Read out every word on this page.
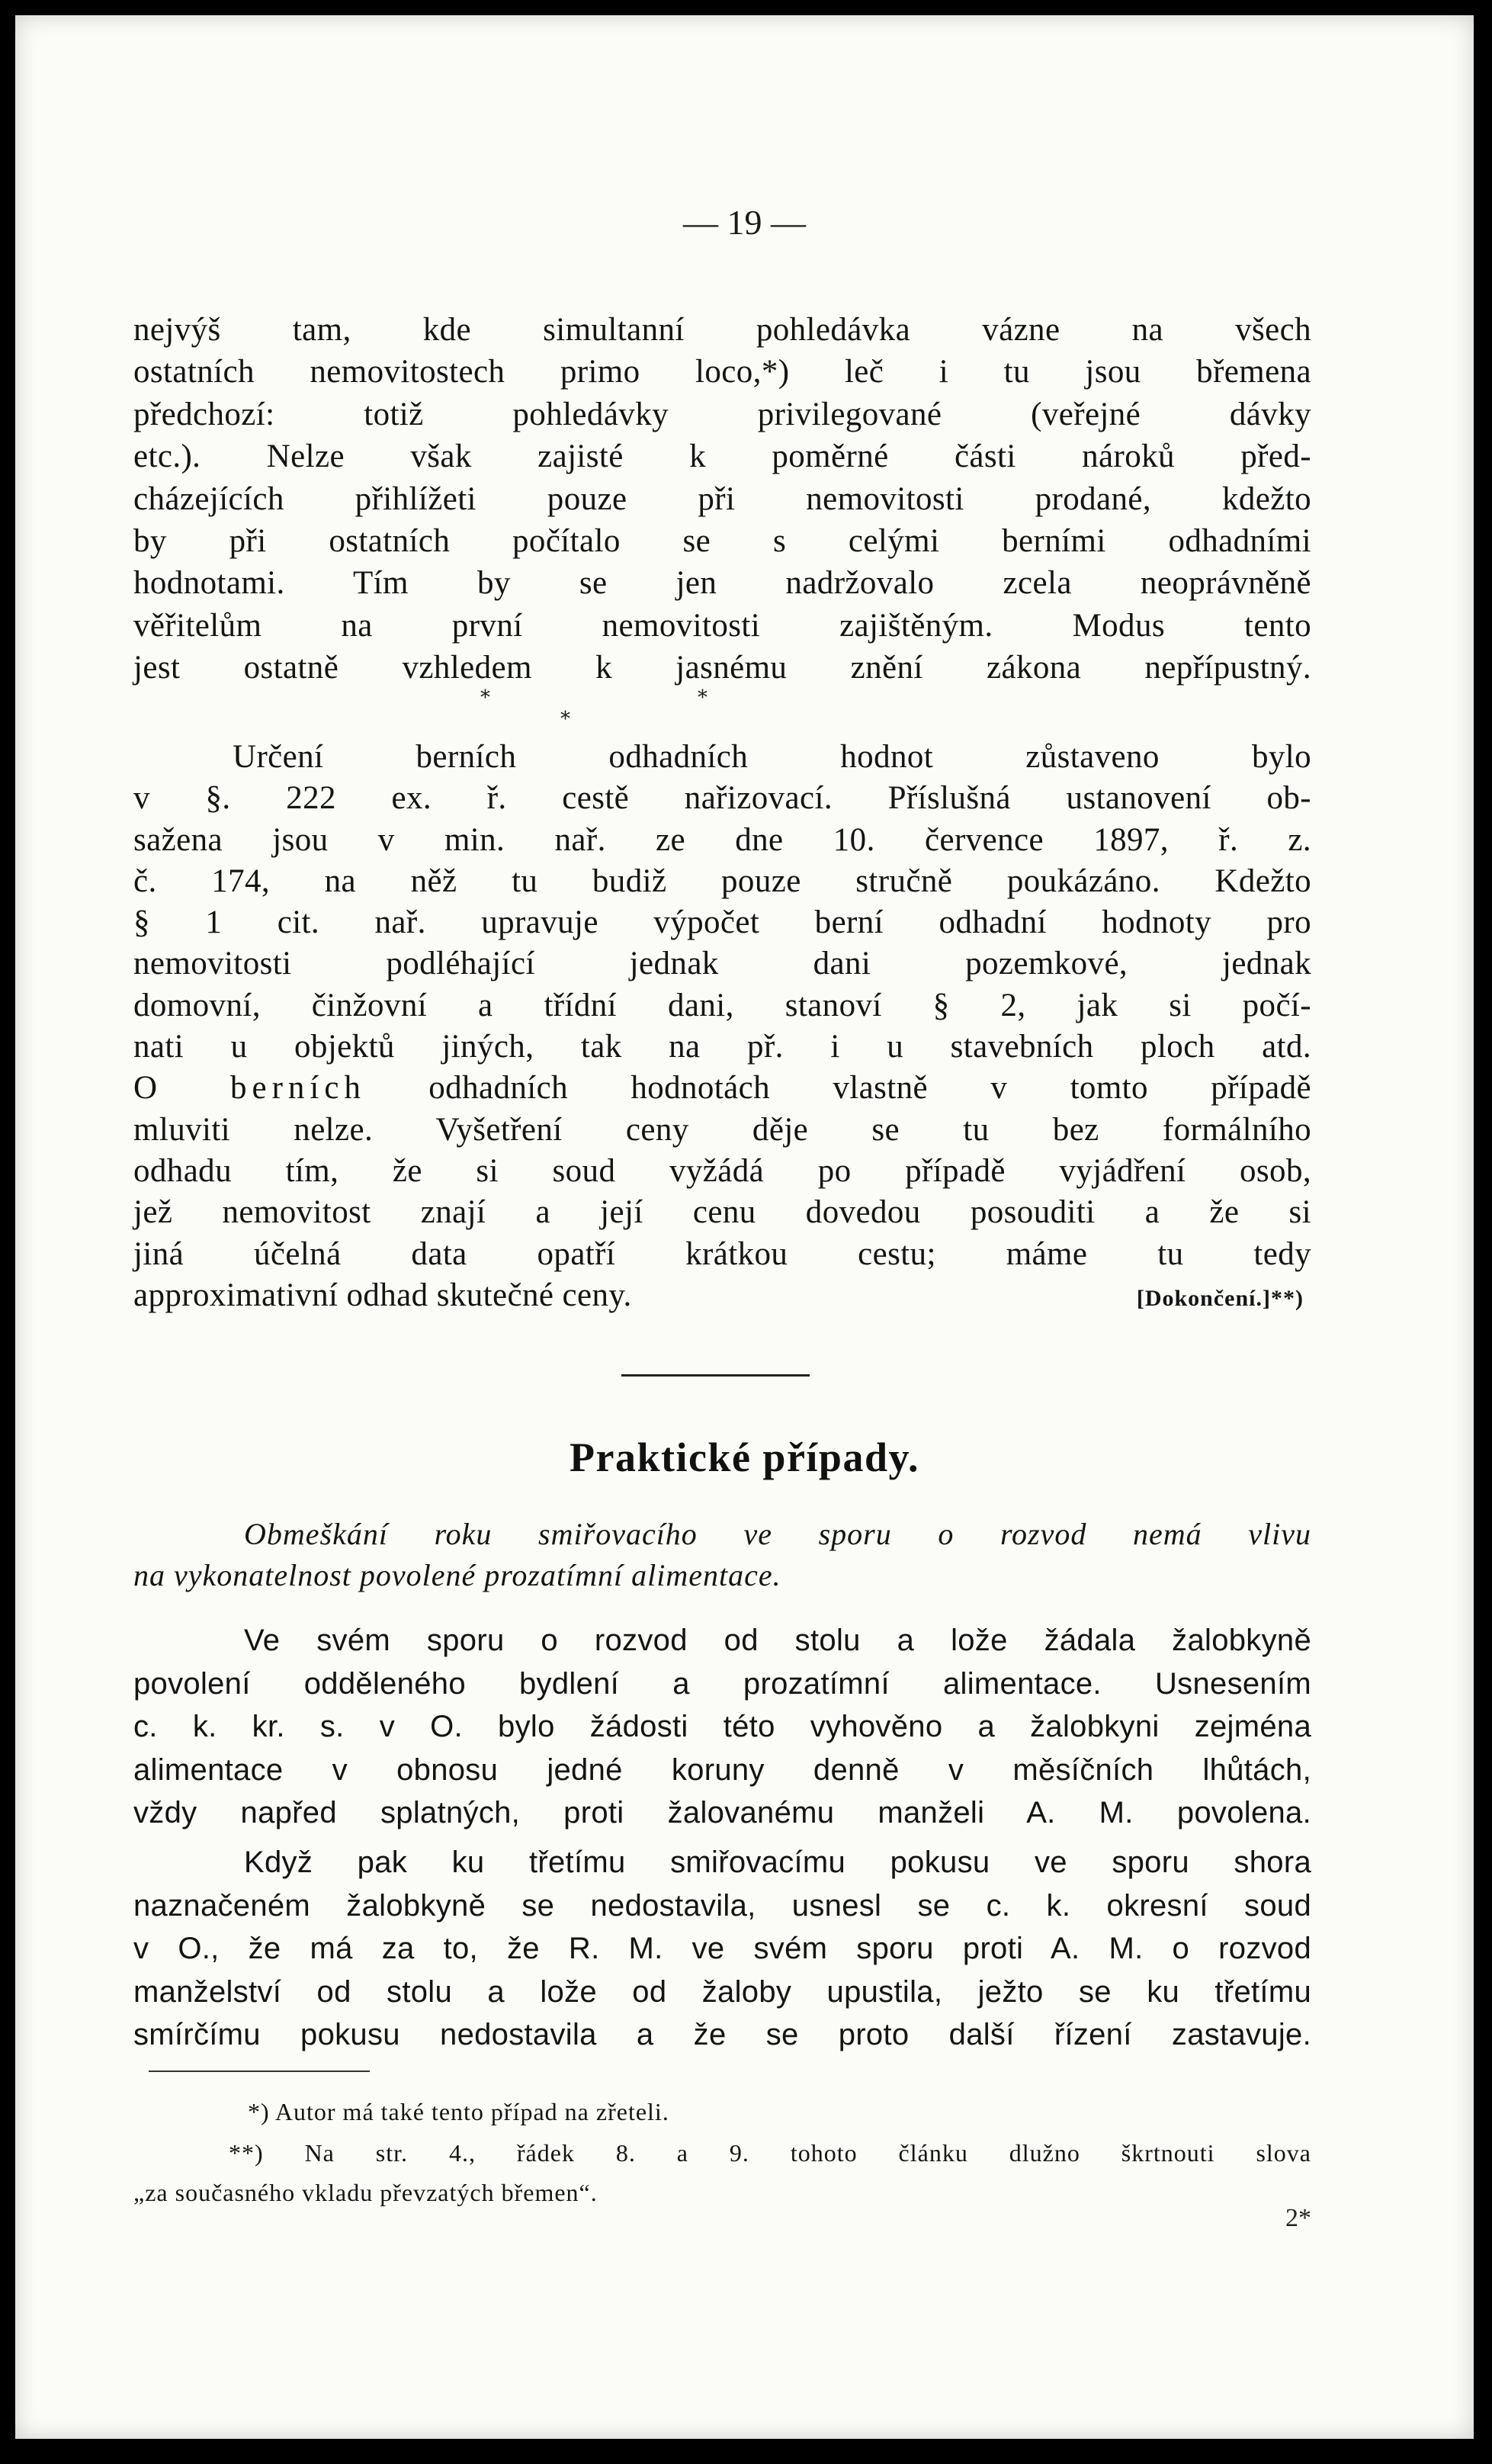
— 19 —

nejvýš tam, kde simultanní pohledávka vázne na všech

ostatních nemovitostech primo loco,*) leč i tu jsou břemena

předchozí: totiž pohledávky privilegované (veřejné dávky

etc.). Nelze však zajisté k poměrné části nároků před-

cházejících přihlížeti pouze při nemovitosti prodané, kdežto

by při ostatních počítalo se s celými berními odhadními

hodnotami. Tím by se jen nadržovalo zcela neoprávněně

věřitelům na první nemovitosti zajištěným. Modus tento

jest ostatně vzhledem k jasnému znění zákona nepřípustný.

*
*
*

Určení berních odhadních hodnot zůstaveno bylo

v §. 222 ex. ř. cestě nařizovací. Příslušná ustanovení ob-

sažena jsou v min. nař. ze dne 10. července 1897, ř. z.

č. 174, na něž tu budiž pouze stručně poukázáno. Kdežto

§ 1 cit. nař. upravuje výpočet berní odhadní hodnoty pro

nemovitosti podléhající jednak dani pozemkové, jednak

domovní, činžovní a třídní dani, stanoví § 2, jak si počí-

nati u objektů jiných, tak na př. i u stavebních ploch atd.

O berních odhadních hodnotách vlastně v tomto případě

mluviti nelze. Vyšetření ceny děje se tu bez formálního

odhadu tím, že si soud vyžádá po případě vyjádření osob,

jež nemovitost znají a její cenu dovedou posouditi a že si

jiná účelná data opatří krátkou cestu; máme tu tedy

approximativní odhad skutečné ceny.	[Dokončení.]**)

Praktické případy.

Obmeškání roku smiřovacího ve sporu o rozvod nemá vlivu

na vykonatelnost povolené prozatímní alimentace.

Ve svém sporu o rozvod od stolu a lože žádala žalobkyně

povolení odděleného bydlení a prozatímní alimentace. Usnesením

c. k. kr. s. v O. bylo žádosti této vyhověno a žalobkyni zejména

alimentace v obnosu jedné koruny denně v měsíčních lhůtách,

vždy napřed splatných, proti žalovanému manželi A. M. povolena.

Když pak ku třetímu smiřovacímu pokusu ve sporu shora

naznačeném žalobkyně se nedostavila, usnesl se c. k. okresní soud

v O., že má za to, že R. M. ve svém sporu proti A. M. o rozvod

manželství od stolu a lože od žaloby upustila, ježto se ku třetímu

smírčímu pokusu nedostavila a že se proto další řízení zastavuje.

*) Autor má také tento případ na zřeteli.

**) Na str. 4., řádek 8. a 9. tohoto článku dlužno škrtnouti slova

„za současného vkladu převzatých břemen“.

2*
